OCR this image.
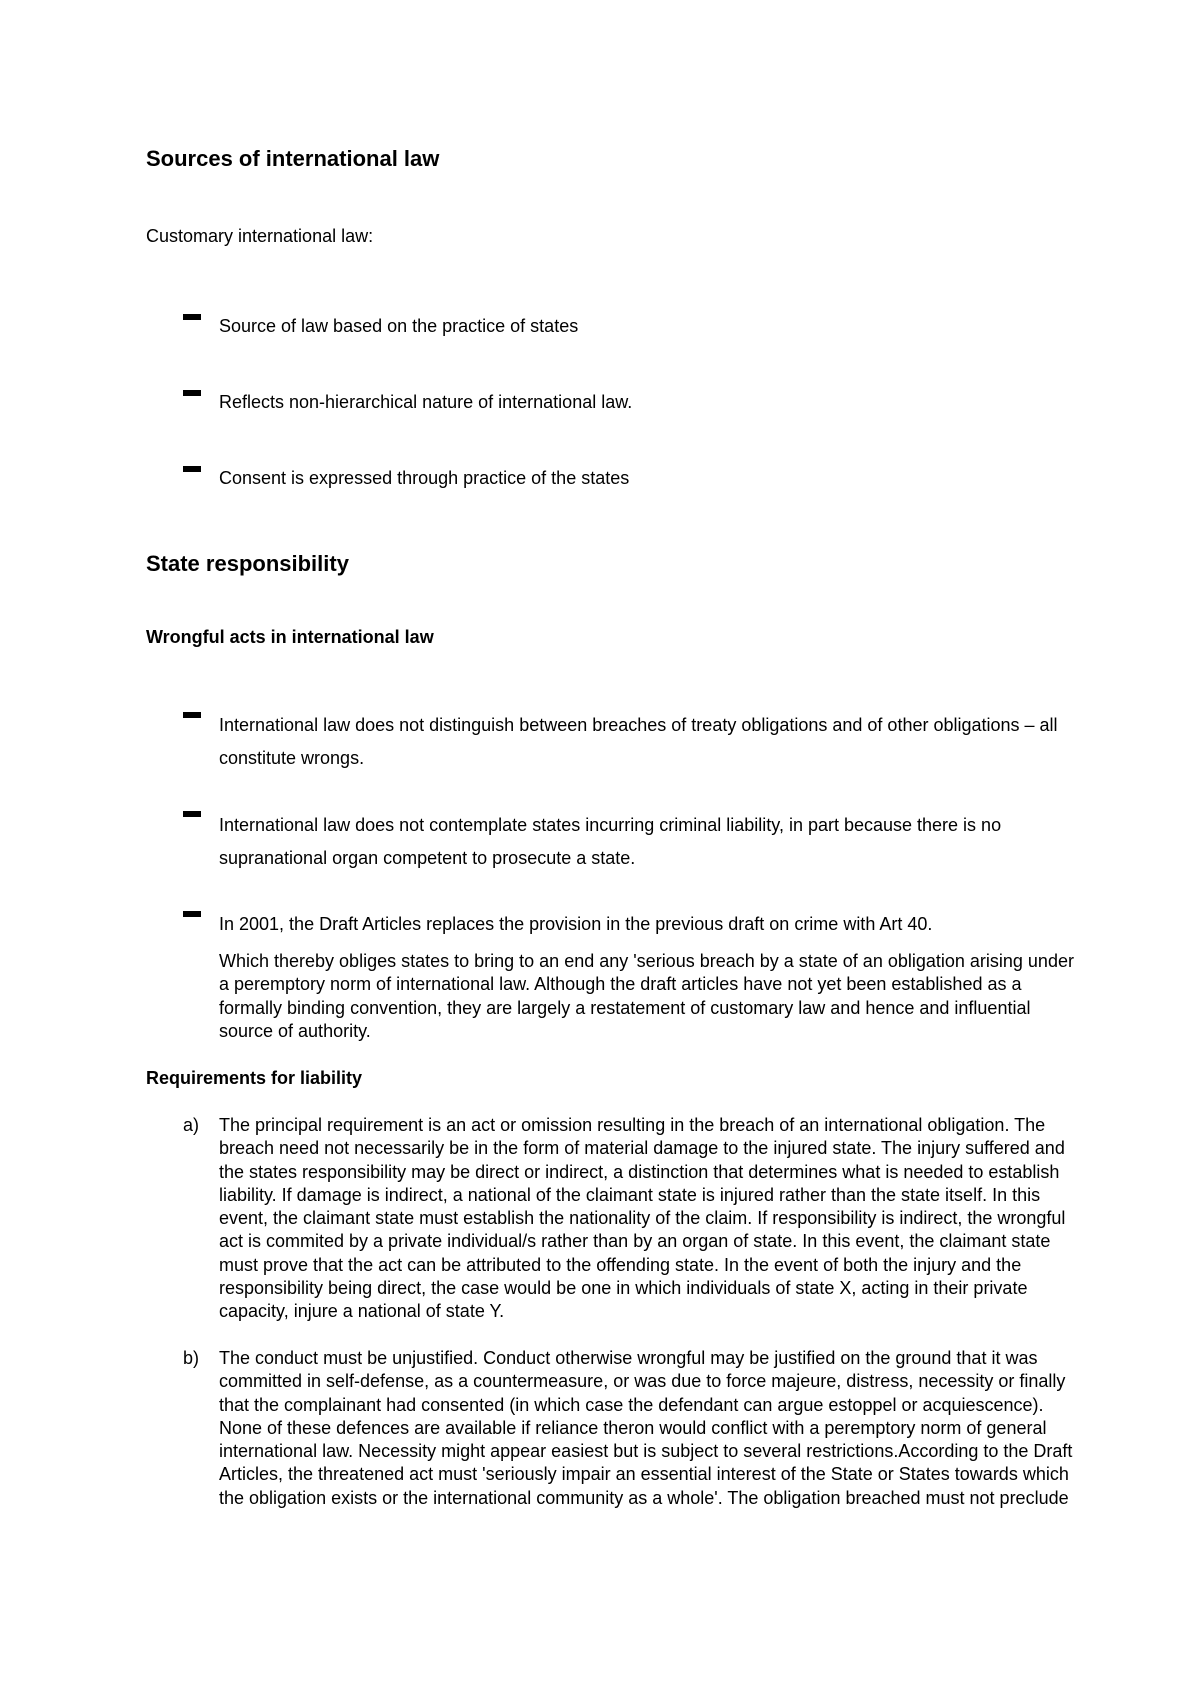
Sources of international law
Customary international law:
Source of law based on the practice of states
Reflects non-hierarchical nature of international law.
Consent is expressed through practice of the states
State responsibility
Wrongful acts in international law
International law does not distinguish between breaches of treaty obligations and of other obligations – all constitute wrongs.
International law does not contemplate states incurring criminal liability, in part because there is no supranational organ competent to prosecute a state.
In 2001, the Draft Articles replaces the provision in the previous draft on crime with Art 40.
Which thereby obliges states to bring to an end any 'serious breach by a state of an obligation arising under a peremptory norm of international law. Although the draft articles have not yet been established as a formally binding convention, they are largely a restatement of customary law and hence and influential source of authority.
Requirements for liability
a) The principal requirement is an act or omission resulting in the breach of an international obligation. The breach need not necessarily be in the form of material damage to the injured state. The injury suffered and the states responsibility may be direct or indirect, a distinction that determines what is needed to establish liability. If damage is indirect, a national of the claimant state is injured rather than the state itself. In this event, the claimant state must establish the nationality of the claim. If responsibility is indirect, the wrongful act is commited by a private individual/s rather than by an organ of state. In this event, the claimant state must prove that the act can be attributed to the offending state. In the event of both the injury and the responsibility being direct, the case would be one in which individuals of state X, acting in their private capacity, injure a national of state Y.
b) The conduct must be unjustified. Conduct otherwise wrongful may be justified on the ground that it was committed in self-defense, as a countermeasure, or was due to force majeure, distress, necessity or finally that the complainant had consented (in which case the defendant can argue estoppel or acquiescence). None of these defences are available if reliance theron would conflict with a peremptory norm of general international law. Necessity might appear easiest but is subject to several restrictions.According to the Draft Articles, the threatened act must 'seriously impair an essential interest of the State or States towards which the obligation exists or the international community as a whole'. The obligation breached must not preclude
